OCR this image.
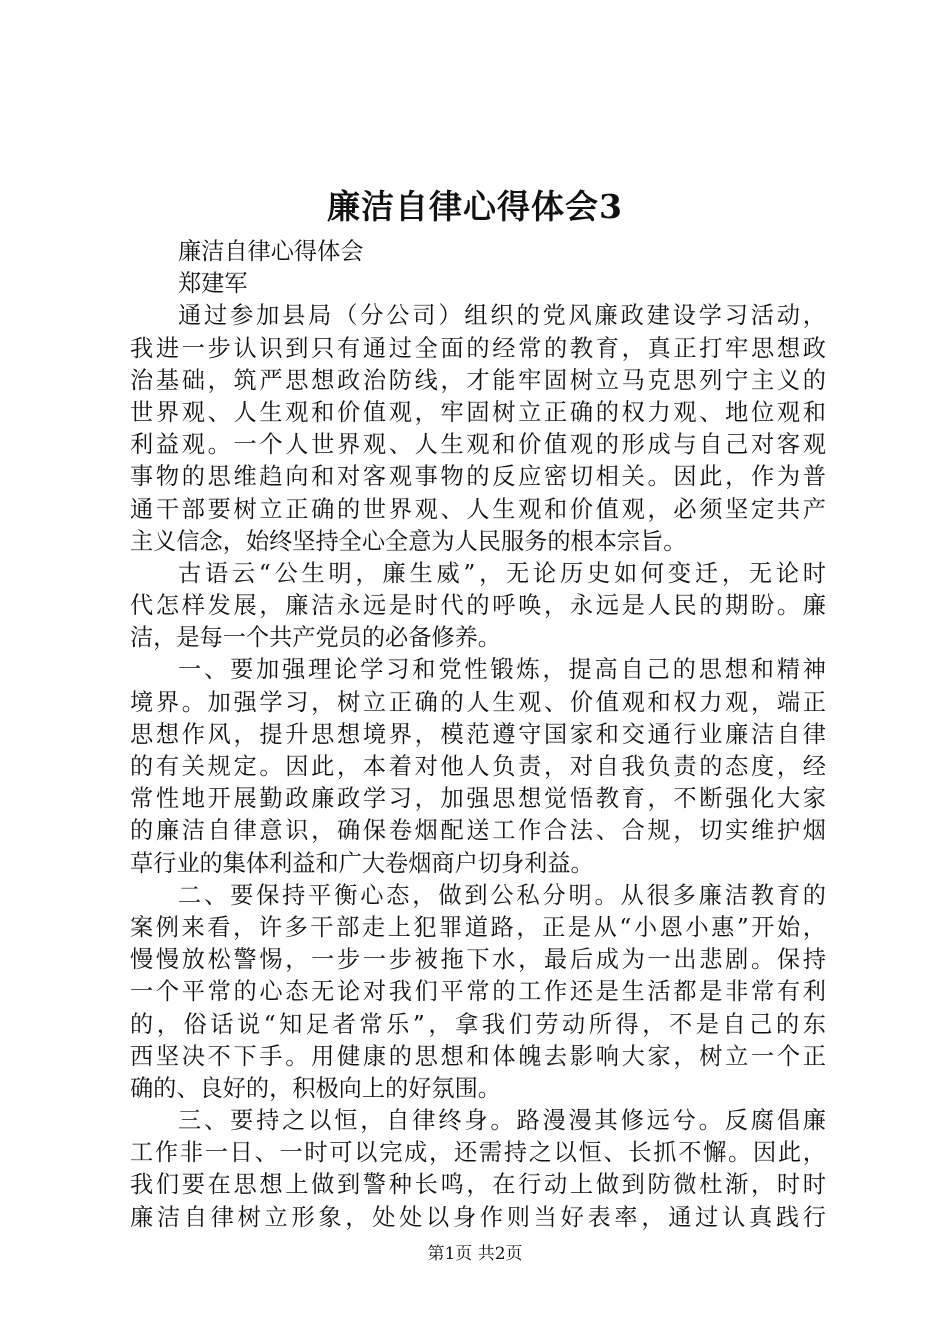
廉洁自律心得体会3
廉洁自律心得体会
郑建军
通过参加县局（分公司）组织的党风廉政建设学习活动，
我进一步认识到只有通过全面的经常的教育，真正打牢思想政
治基础，筑严思想政治防线，才能牢固树立马克思列宁主义的
世界观、人生观和价值观，牢固树立正确的权力观、地位观和
利益观。一个人世界观、人生观和价值观的形成与自己对客观
事物的思维趋向和对客观事物的反应密切相关。因此，作为普
通干部要树立正确的世界观、人生观和价值观，必须坚定共产
主义信念，始终坚持全心全意为人民服务的根本宗旨。
古语云“公生明，廉生威”，无论历史如何变迁，无论时
代怎样发展，廉洁永远是时代的呼唤，永远是人民的期盼。廉
洁，是每一个共产党员的必备修养。
一、要加强理论学习和党性锻炼，提高自己的思想和精神
境界。加强学习，树立正确的人生观、价值观和权力观，端正
思想作风，提升思想境界，模范遵守国家和交通行业廉洁自律
的有关规定。因此，本着对他人负责，对自我负责的态度，经
常性地开展勤政廉政学习，加强思想觉悟教育，不断强化大家
的廉洁自律意识，确保卷烟配送工作合法、合规，切实维护烟
草行业的集体利益和广大卷烟商户切身利益。
二、要保持平衡心态，做到公私分明。从很多廉洁教育的
案例来看，许多干部走上犯罪道路，正是从“小恩小惠”开始，
慢慢放松警惕，一步一步被拖下水，最后成为一出悲剧。保持
一个平常的心态无论对我们平常的工作还是生活都是非常有利
的，俗话说“知足者常乐”，拿我们劳动所得，不是自己的东
西坚决不下手。用健康的思想和体魄去影响大家，树立一个正
确的、良好的，积极向上的好氛围。
三、要持之以恒，自律终身。路漫漫其修远兮。反腐倡廉
工作非一日、一时可以完成，还需持之以恒、长抓不懈。因此，
我们要在思想上做到警种长鸣，在行动上做到防微杜渐，时时
廉洁自律树立形象，处处以身作则当好表率，通过认真践行
第1页 共2页
